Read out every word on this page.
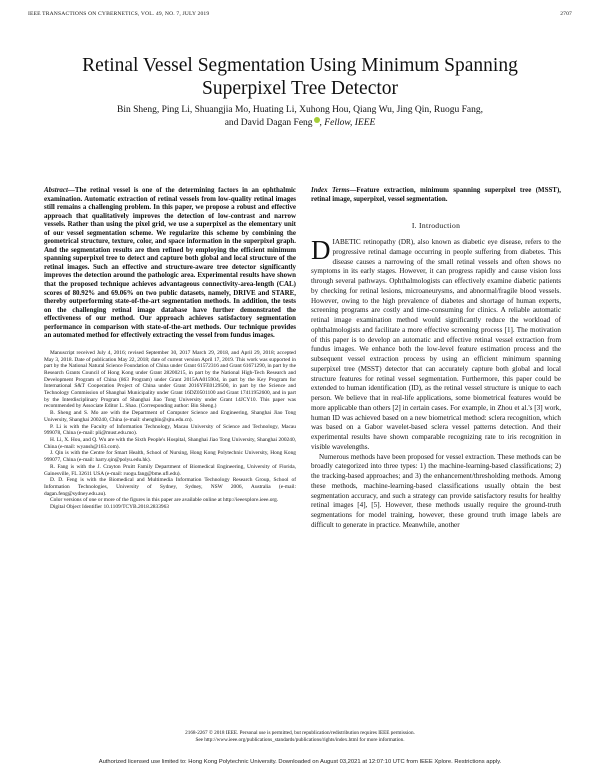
IEEE TRANSACTIONS ON CYBERNETICS, VOL. 49, NO. 7, JULY 2019	2707
Retinal Vessel Segmentation Using Minimum Spanning Superpixel Tree Detector
Bin Sheng, Ping Li, Shuangjia Mo, Huating Li, Xuhong Hou, Qiang Wu, Jing Qin, Ruogu Fang,
and David Dagan Feng , Fellow, IEEE
Abstract—The retinal vessel is one of the determining factors in an ophthalmic examination. Automatic extraction of retinal vessels from low-quality retinal images still remains a challenging problem. In this paper, we propose a robust and effective approach that qualitatively improves the detection of low-contrast and narrow vessels. Rather than using the pixel grid, we use a superpixel as the elementary unit of our vessel segmentation scheme. We regularize this scheme by combining the geometrical structure, texture, color, and space information in the superpixel graph. And the segmentation results are then refined by employing the efficient minimum spanning superpixel tree to detect and capture both global and local structure of the retinal images. Such an effective and structure-aware tree detector significantly improves the detection around the pathologic area. Experimental results have shown that the proposed technique achieves advantageous connectivity-area-length (CAL) scores of 80.92% and 69.06% on two public datasets, namely, DRIVE and STARE, thereby outperforming state-of-the-art segmentation methods. In addition, the tests on the challenging retinal image database have further demonstrated the effectiveness of our method. Our approach achieves satisfactory segmentation performance in comparison with state-of-the-art methods. Our technique provides an automated method for effectively extracting the vessel from fundus images.

Manuscript received July 4, 2016; revised September 30, 2017 March 29, 2018, and April 29, 2018; accepted May 3, 2018. Date of publication May 22, 2018; date of current version April 17, 2019. This work was supported in part by the National Natural Science Foundation of China under Grant 61572316 and Grant 61671290, in part by the Research Grants Council of Hong Kong under Grant 28200215, in part by the National High-Tech Research and Development Program of China (863 Program) under Grant 2015AA015904, in part by the Key Program for International S&T Cooperation Project of China under Grant 2016YFE0129500, in part by the Science and Technology Commission of Shanghai Municipality under Grant 16DZ0501100 and Grant 17411952600, and in part by the Interdisciplinary Program of Shanghai Jiao Tong University under Grant 14JCY10. This paper was recommended by Associate Editor L. Shao. (Corresponding author: Bin Sheng.)

B. Sheng and S. Mo are with the Department of Computer Science and Engineering, Shanghai Jiao Tong University, Shanghai 200240, China (e-mail: shengbin@sjtu.edu.cn).

P. Li is with the Faculty of Information Technology, Macau University of Science and Technology, Macau 999078, China (e-mail: pli@must.edu.mo).

H. Li, X. Hou, and Q. Wu are with the Sixth People's Hospital, Shanghai Jiao Tong University, Shanghai 200240, China (e-mail: wyansh@163.com).

J. Qin is with the Centre for Smart Health, School of Nursing, Hong Kong Polytechnic University, Hong Kong 999077, China (e-mail: harry.qin@polyu.edu.hk).

R. Fang is with the J. Crayton Pruitt Family Department of Biomedical Engineering, University of Florida, Gainesville, FL 32611 USA (e-mail: ruogu.fang@bme.ufl.edu).

D. D. Feng is with the Biomedical and Multimedia Information Technology Research Group, School of Information Technologies, University of Sydney, Sydney, NSW 2006, Australia (e-mail: dagan.feng@sydney.edu.au).

Color versions of one or more of the figures in this paper are available online at http://ieeexplore.ieee.org.

Digital Object Identifier 10.1109/TCYB.2018.2833963

Index Terms—Feature extraction, minimum spanning superpixel tree (MSST), retinal image, superpixel, vessel segmentation.
I. Introduction

DIABETIC retinopathy (DR), also known as diabetic eye disease, refers to the progressive retinal damage occurring in people suffering from diabetes. This disease causes a narrowing of the small retinal vessels and often shows no symptoms in its early stages. However, it can progress rapidly and cause vision loss through several pathways. Ophthalmologists can effectively examine diabetic patients by checking for retinal lesions, microaneurysms, and abnormal/fragile blood vessels. However, owing to the high prevalence of diabetes and shortage of human experts, screening programs are costly and time-consuming for clinics. A reliable automatic retinal image examination method would significantly reduce the workload of ophthalmologists and facilitate a more effective screening process [1]. The motivation of this paper is to develop an automatic and effective retinal vessel extraction from fundus images. We enhance both the low-level feature estimation process and the subsequent vessel extraction process by using an efficient minimum spanning superpixel tree (MSST) detector that can accurately capture both global and local structure features for retinal vessel segmentation. Furthermore, this paper could be extended to human identification (ID), as the retinal vessel structure is unique to each person. We believe that in real-life applications, some biometrical features would be more applicable than others [2] in certain cases. For example, in Zhou et al.'s [3] work, human ID was achieved based on a new biometrical method: sclera recognition, which was based on a Gabor wavelet-based sclera vessel patterns detection. And their experimental results have shown comparable recognizing rate to iris recognition in visible wavelengths.

Numerous methods have been proposed for vessel extraction. These methods can be broadly categorized into three types: 1) the machine-learning-based classifications; 2) the tracking-based approaches; and 3) the enhancement/thresholding methods. Among these methods, machine-learning-based classifications usually obtain the best segmentation accuracy, and such a strategy can provide satisfactory results for healthy retinal images [4], [5]. However, these methods usually require the ground-truth segmentations for model training, however, these ground truth image labels are difficult to generate in practice. Meanwhile, another

2168-2267 © 2018 IEEE. Personal use is permitted, but republication/redistribution requires IEEE permission.
See http://www.ieee.org/publications_standards/publications/rights/index.html for more information.
Authorized licensed use limited to: Hong Kong Polytechnic University. Downloaded on August 03,2021 at 12:07:10 UTC from IEEE Xplore. Restrictions apply.
